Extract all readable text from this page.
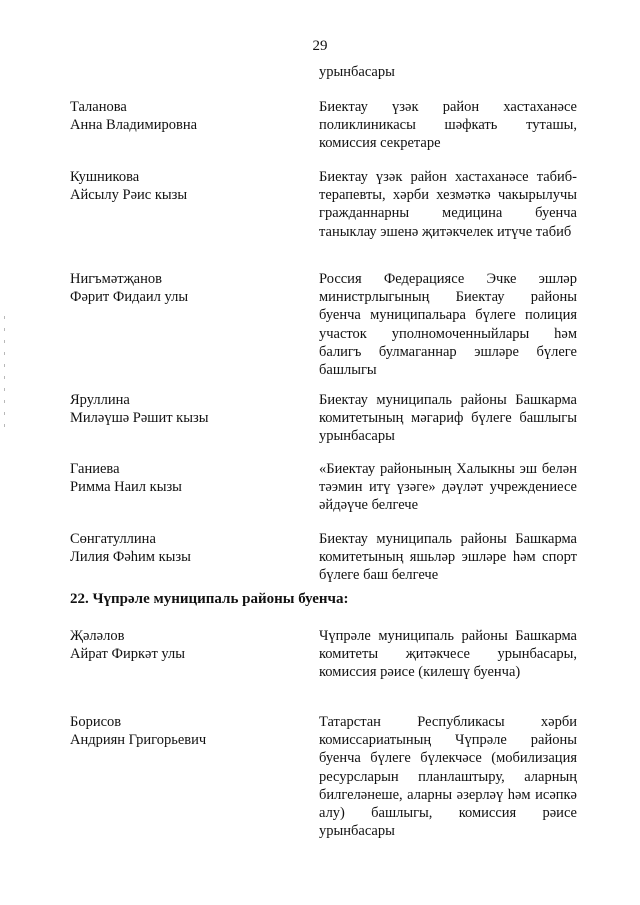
29
урынбасары
Таланова
Анна Владимировна
Биектау үзәк район хастаханәсе поликлиникасы шәфкать туташы, комиссия секретаре
Кушникова
Айсылу Рәис кызы
Биектау үзәк район хастаханәсе табиб-терапевты, хәрби хезмәткә чакырылучы гражданнарны медицина буенча таныклау эшенә җитәкчелек итүче табиб
Нигъмәтҗанов
Фәрит Фидаил улы
Россия Федерациясе Эчке эшләр министрлыгының Биектау районы буенча муниципальара бүлеге полиция участок уполномоченныйлары һәм балигъ булмаганнар эшләре бүлеге башлыгы
Яруллина
Миләүшә Рәшит кызы
Биектау муниципаль районы Башкарма комитетының мәгариф бүлеге башлыгы урынбасары
Ганиева
Римма Наил кызы
«Биектау районының Халыкны эш белән тәэмин итү үзәге» дәүләт учреждениесе әйдәүче белгече
Сөнгатуллина
Лилия Фәһим кызы
Биектау муниципаль районы Башкарма комитетының яшьләр эшләре һәм спорт бүлеге баш белгече
22. Чүпрәле муниципаль районы буенча:
Җәләлов
Айрат Фиркәт улы
Чүпрәле муниципаль районы Башкарма комитеты җитәкчесе урынбасары, комиссия рәисе (килешү буенча)
Борисов
Андриян Григорьевич
Татарстан Республикасы хәрби комиссариатының Чүпрәле районы буенча бүлеге бүлекчәсе (мобилизация ресурсларын планлаштыру, аларның билгеләнеше, аларны әзерләү һәм исәпкә алу) башлыгы, комиссия рәисе урынбасары
